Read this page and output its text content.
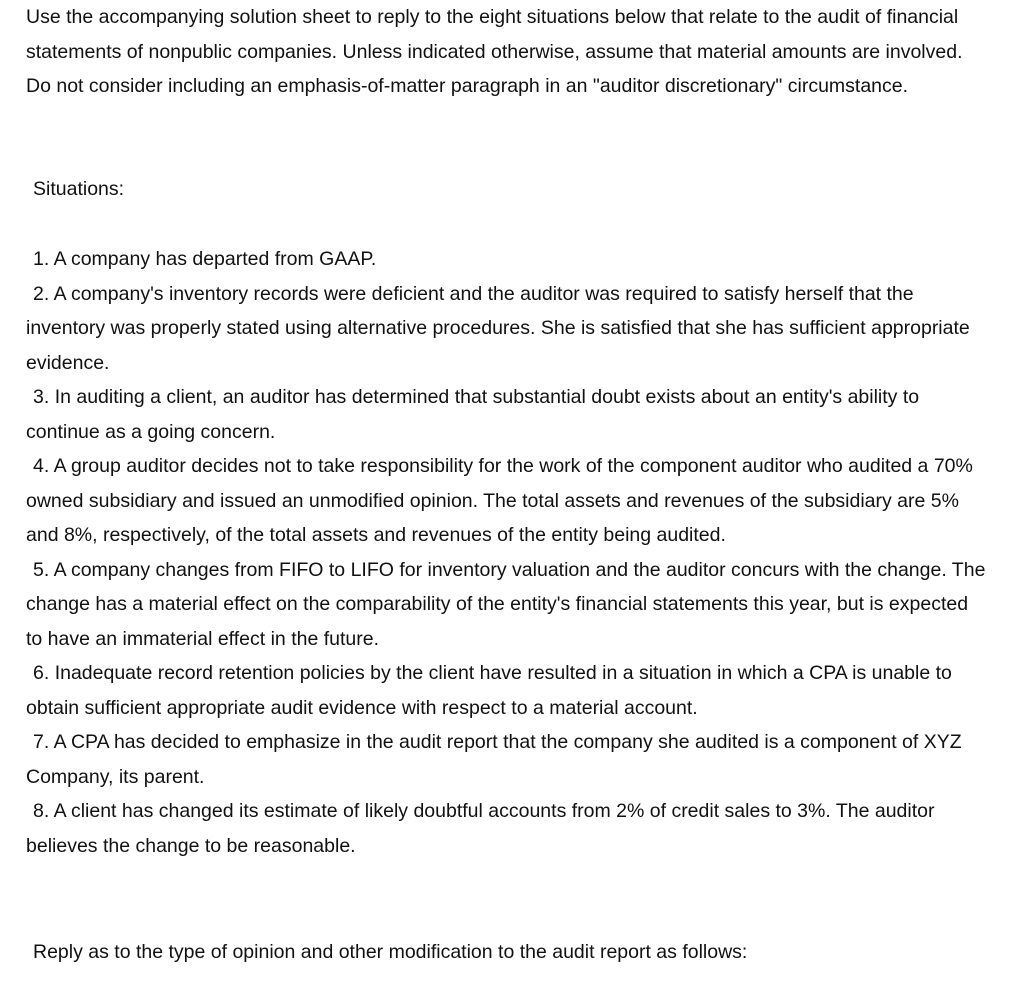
Use the accompanying solution sheet to reply to the eight situations below that relate to the audit of financial statements of nonpublic companies. Unless indicated otherwise, assume that material amounts are involved. Do not consider including an emphasis-of-matter paragraph in an "auditor discretionary" circumstance.

Situations:

1. A company has departed from GAAP.
2. A company's inventory records were deficient and the auditor was required to satisfy herself that the inventory was properly stated using alternative procedures. She is satisfied that she has sufficient appropriate evidence.
3. In auditing a client, an auditor has determined that substantial doubt exists about an entity's ability to continue as a going concern.
4. A group auditor decides not to take responsibility for the work of the component auditor who audited a 70% owned subsidiary and issued an unmodified opinion. The total assets and revenues of the subsidiary are 5% and 8%, respectively, of the total assets and revenues of the entity being audited.
5. A company changes from FIFO to LIFO for inventory valuation and the auditor concurs with the change. The change has a material effect on the comparability of the entity's financial statements this year, but is expected to have an immaterial effect in the future.
6. Inadequate record retention policies by the client have resulted in a situation in which a CPA is unable to obtain sufficient appropriate audit evidence with respect to a material account.
7. A CPA has decided to emphasize in the audit report that the company she audited is a component of XYZ Company, its parent.
8. A client has changed its estimate of likely doubtful accounts from 2% of credit sales to 3%. The auditor believes the change to be reasonable.

Reply as to the type of opinion and other modification to the audit report as follows:
